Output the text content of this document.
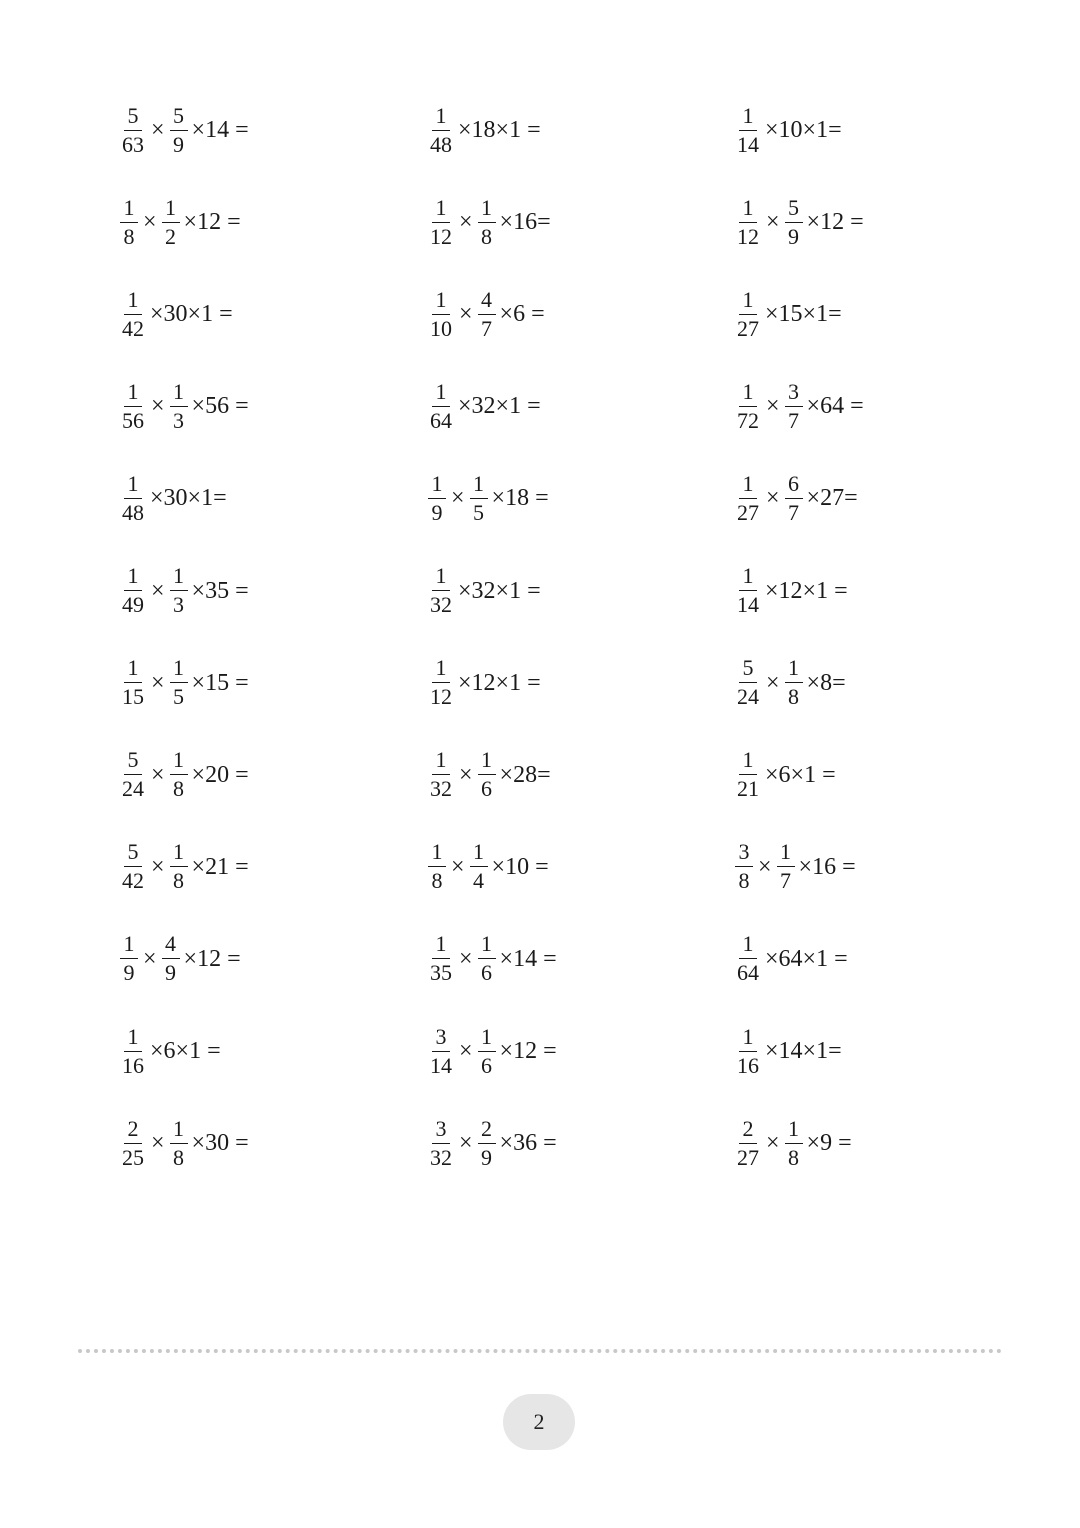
$\frac{5}{63} \times \frac{5}{9} \times 14$ =
$\frac{1}{8} \times \frac{1}{2} \times 12$ =
$\frac{1}{42} \times 30\times 1$ =
$\frac{1}{56} \times \frac{1}{3} \times 56$ =
$\frac{1}{48} \times 30\times 1=$
$\frac{1}{49} \times \frac{1}{3} \times 35$ =
$\frac{1}{15} \times \frac{1}{5} \times 15$ =
$\frac{5}{24} \times \frac{1}{8} \times 20$ =
$\frac{5}{42} \times \frac{1}{8} \times 21$ =
$\frac{1}{9} \times \frac{4}{9} \times 12$ =
$\frac{1}{16} \times 6\times 1$ =
$\frac{2}{25} \times \frac{1}{8} \times 30$ =
$\frac{1}{48} \times 18\times 1$ =
$\frac{1}{12} \times \frac{1}{8} \times 16=$
$\frac{1}{10} \times \frac{4}{7} \times 6$ =
$\frac{1}{64} \times 32\times 1$ =
$\frac{1}{9} \times \frac{1}{5} \times 18$ =
$\frac{1}{32} \times 32\times 1$ =
$\frac{1}{12} \times 12\times 1$ =
$\frac{1}{32} \times \frac{1}{6} \times 28=$
$\frac{1}{8} \times \frac{1}{4} \times 10$ =
$\frac{1}{35} \times \frac{1}{6} \times 14$ =
$\frac{3}{14} \times \frac{1}{6} \times 12$ =
$\frac{3}{32} \times \frac{2}{9} \times 36$ =
$\frac{1}{14} \times 10\times 1=$
$\frac{1}{12} \times \frac{5}{9} \times 12$ =
$\frac{1}{27} \times 15\times 1=$
$\frac{1}{72} \times \frac{3}{7} \times 64$ =
$\frac{1}{27} \times \frac{6}{7} \times 27=$
$\frac{1}{14} \times 12\times 1$ =
$\frac{5}{24} \times \frac{1}{8} \times 8=$
$\frac{1}{21} \times 6\times 1$ =
$\frac{3}{8} \times \frac{1}{7} \times 16$ =
$\frac{1}{64} \times 64\times 1$ =
$\frac{1}{16} \times 14\times 1=$
$\frac{2}{27} \times \frac{1}{8} \times 9$ =
2
